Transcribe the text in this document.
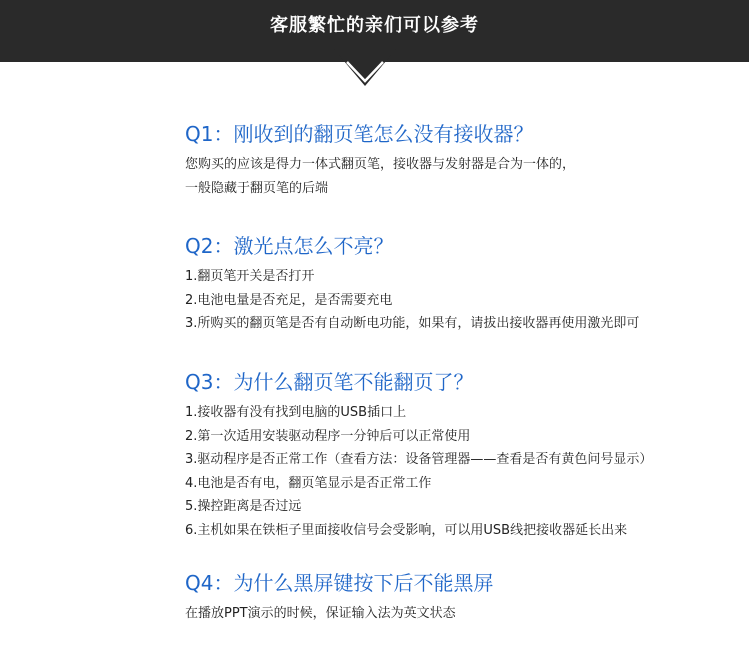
客服繁忙的亲们可以参考
Q1：刚收到的翻页笔怎么没有接收器？
您购买的应该是得力一体式翻页笔，接收器与发射器是合为一体的，
一般隐藏于翻页笔的后端
Q2：激光点怎么不亮？
1.翻页笔开关是否打开
2.电池电量是否充足，是否需要充电
3.所购买的翻页笔是否有自动断电功能，如果有，请拔出接收器再使用激光即可
Q3：为什么翻页笔不能翻页了？
1.接收器有没有找到电脑的USB插口上
2.第一次适用安装驱动程序一分钟后可以正常使用
3.驱动程序是否正常工作（查看方法：设备管理器——查看是否有黄色问号显示）
4.电池是否有电，翻页笔显示是否正常工作
5.操控距离是否过远
6.主机如果在铁柜子里面接收信号会受影响，可以用USB线把接收器延长出来
Q4：为什么黑屏键按下后不能黑屏
在播放PPT演示的时候，保证输入法为英文状态
